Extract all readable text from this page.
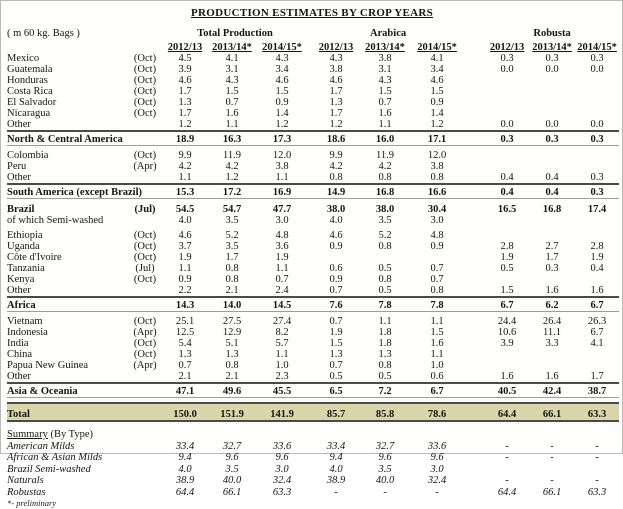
PRODUCTION ESTIMATES BY CROP YEARS
( m 60 kg. Bags )		Total Production				Arabica				Robusta		
		2012/13	2013/14*	2014/15*		2012/13	2013/14*	2014/15*		2012/13	2013/14*	2014/15*
Mexico	(Oct)	4.5	4.1	4.3		4.3	3.8	4.1		0.3	0.3	0.3
Guatemala	(Oct)	3.9	3.1	3.4		3.8	3.1	3.4		0.0	0.0	0.0
Honduras	(Oct)	4.6	4.3	4.6		4.6	4.3	4.6				
Costa Rica	(Oct)	1.7	1.5	1.5		1.7	1.5	1.5				
El Salvador	(Oct)	1.3	0.7	0.9		1.3	0.7	0.9				
Nicaragua	(Oct)	1.7	1.6	1.4		1.7	1.6	1.4				
Other		1.2	1.1	1.2		1.2	1.1	1.2		0.0	0.0	0.0
North & Central America		18.9	16.3	17.3		18.6	16.0	17.1		0.3	0.3	0.3

Colombia	(Oct)	9.9	11.9	12.0		9.9	11.9	12.0				
Peru	(Apr)	4.2	4.2	3.8		4.2	4.2	3.8				
Other		1.1	1.2	1.1		0.8	0.8	0.8		0.4	0.4	0.3
South America (except Brazil)		15.3	17.2	16.9		14.9	16.8	16.6		0.4	0.4	0.3

Brazil	(Jul)	54.5	54.7	47.7		38.0	38.0	30.4		16.5	16.8	17.4
of which Semi-washed		4.0	3.5	3.0		4.0	3.5	3.0				

Ethiopia	(Oct)	4.6	5.2	4.8		4.6	5.2	4.8				
Uganda	(Oct)	3.7	3.5	3.6		0.9	0.8	0.9		2.8	2.7	2.8
Côte d'Ivoire	(Oct)	1.9	1.7	1.9						1.9	1.7	1.9
Tanzania	(Jul)	1.1	0.8	1.1		0.6	0.5	0.7		0.5	0.3	0.4
Kenya	(Oct)	0.9	0.8	0.7		0.9	0.8	0.7				
Other		2.2	2.1	2.4		0.7	0.5	0.8		1.5	1.6	1.6
Africa		14.3	14.0	14.5		7.6	7.8	7.8		6.7	6.2	6.7

Vietnam	(Oct)	25.1	27.5	27.4		0.7	1.1	1.1		24.4	26.4	26.3
Indonesia	(Apr)	12.5	12.9	8.2		1.9	1.8	1.5		10.6	11.1	6.7
India	(Oct)	5.4	5.1	5.7		1.5	1.8	1.6		3.9	3.3	4.1
China	(Oct)	1.3	1.3	1.1		1.3	1.3	1.1				
Papua New Guinea	(Apr)	0.7	0.8	1.0		0.7	0.8	1.0				
Other		2.1	2.1	2.3		0.5	0.5	0.6		1.6	1.6	1.7
Asia & Oceania		47.1	49.6	45.5		6.5	7.2	6.7		40.5	42.4	38.7

Total		150.0	151.9	141.9		85.7	85.8	78.6		64.4	66.1	63.3

Summary (By Type)												
American Milds		33.4	32.7	33.6		33.4	32.7	33.6		-	-	-
African & Asian Milds		9.4	9.6	9.6		9.4	9.6	9.6		-	-	-
Brazil Semi-washed		4.0	3.5	3.0		4.0	3.5	3.0				
Naturals		38.9	40.0	32.4		38.9	40.0	32.4		-	-	-
Robustas		64.4	66.1	63.3		-	-	-		64.4	66.1	63.3
*- preliminary												
